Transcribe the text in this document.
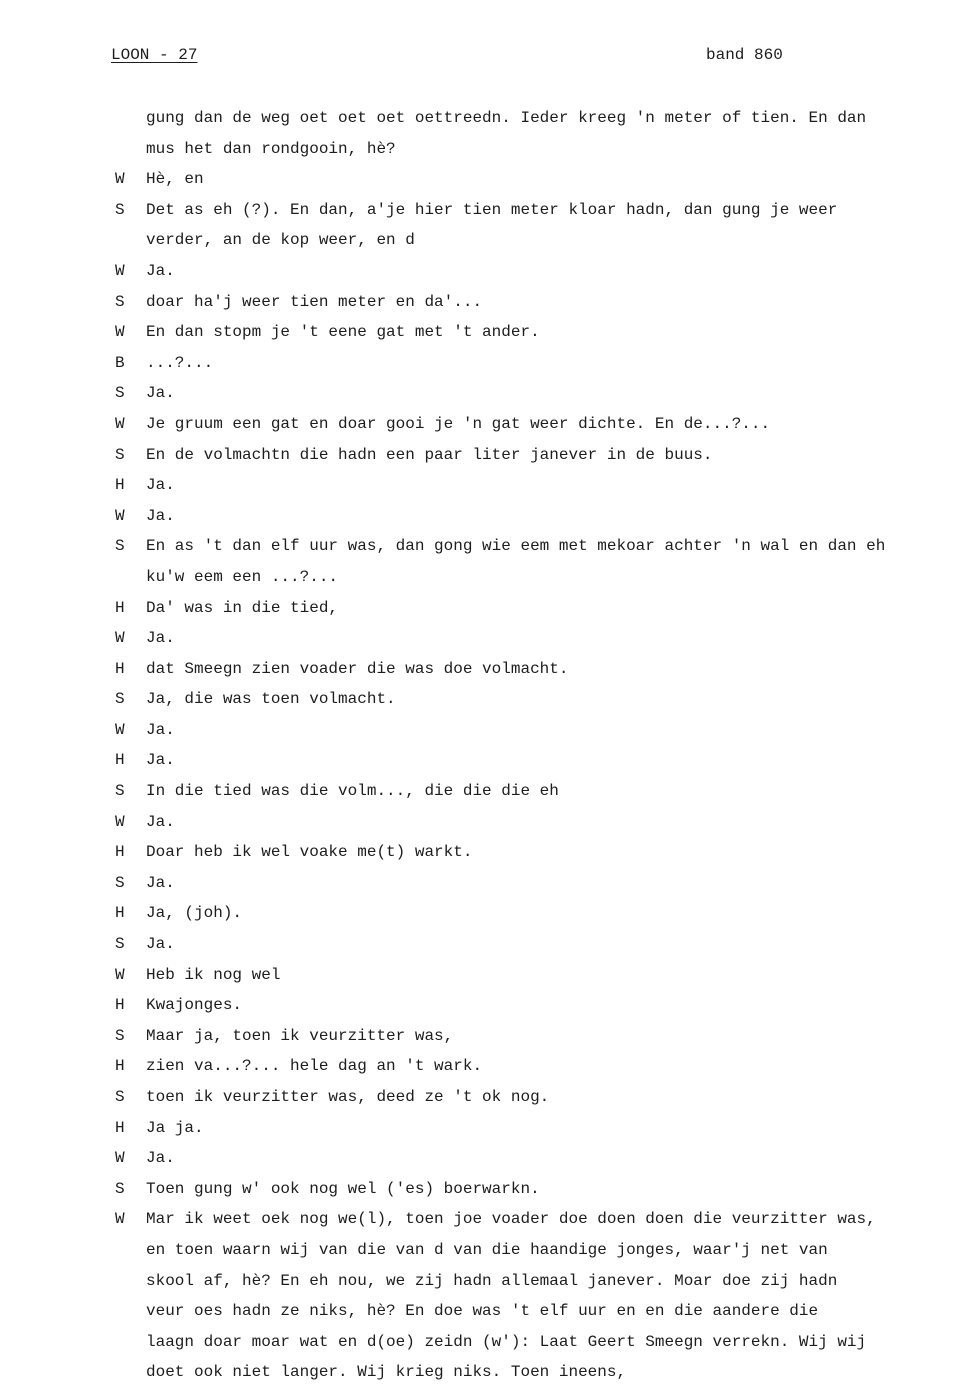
LOON - 27	band 860
gung dan de weg oet oet oet oettreedn. Ieder kreeg 'n meter of tien. En dan
mus het dan rondgooin, hè?
W Hè, en
S Det as eh (?). En dan, a'je hier tien meter kloar hadn, dan gung je weer
verder, an de kop weer, en d
W Ja.
S doar ha'j weer tien meter en da'...
W En dan stopm je 't eene gat met 't ander.
B ...?...
S Ja.
W Je gruum een gat en doar gooi je 'n gat weer dichte. En de...?...
S En de volmachtn die hadn een paar liter janever in de buus.
H Ja.
W Ja.
S En as 't dan elf uur was, dan gong wie eem met mekoar achter 'n wal en dan eh
ku'w eem een ...?...
H Da' was in die tied,
W Ja.
H dat Smeegn zien voader die was doe volmacht.
S Ja, die was toen volmacht.
W Ja.
H Ja.
S In die tied was die volm..., die die die eh
W Ja.
H Doar heb ik wel voake me(t) warkt.
S Ja.
H Ja, (joh).
S Ja.
W Heb ik nog wel
H Kwajonges.
S Maar ja, toen ik veurzitter was,
H zien va...?... hele dag an 't wark.
S toen ik veurzitter was, deed ze 't ok nog.
H Ja ja.
W Ja.
S Toen gung w' ook nog wel ('es) boerwarkn.
W Mar ik weet oek nog we(l), toen joe voader doe doen doen die veurzitter was,
en toen waarn wij van die van d van die haandige jonges, waar'j net van
skool af, hè? En eh nou, we zij hadn allemaal janever. Moar doe zij hadn
veur oes hadn ze niks, hè? En doe was 't elf uur en en die aandere die
laagn doar moar wat en d(oe) zeidn (w'): Laat Geert Smeegn verrekn. Wij wij
doet ook niet langer. Wij krieg niks. Toen ineens,
